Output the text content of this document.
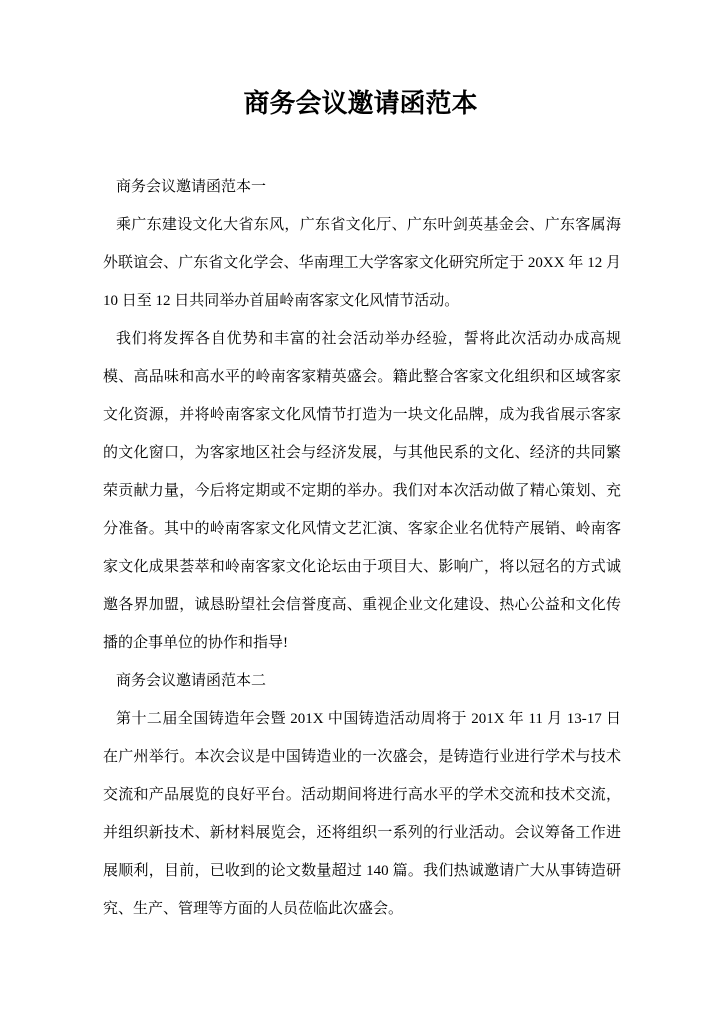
商务会议邀请函范本

商务会议邀请函范本一

乘广东建设文化大省东风，广东省文化厅、广东叶剑英基金会、广东客属海外联谊会、广东省文化学会、华南理工大学客家文化研究所定于 20XX 年 12 月 10 日至 12 日共同举办首届岭南客家文化风情节活动。

我们将发挥各自优势和丰富的社会活动举办经验，誓将此次活动办成高规模、高品味和高水平的岭南客家精英盛会。籍此整合客家文化组织和区域客家文化资源，并将岭南客家文化风情节打造为一块文化品牌，成为我省展示客家的文化窗口，为客家地区社会与经济发展，与其他民系的文化、经济的共同繁荣贡献力量，今后将定期或不定期的举办。我们对本次活动做了精心策划、充分准备。其中的岭南客家文化风情文艺汇演、客家企业名优特产展销、岭南客家文化成果荟萃和岭南客家文化论坛由于项目大、影响广，将以冠名的方式诚邀各界加盟，诚恳盼望社会信誉度高、重视企业文化建设、热心公益和文化传播的企事单位的协作和指导!

商务会议邀请函范本二

第十二届全国铸造年会暨 201X 中国铸造活动周将于 201X 年 11 月 13-17 日在广州举行。本次会议是中国铸造业的一次盛会，是铸造行业进行学术与技术交流和产品展览的良好平台。活动期间将进行高水平的学术交流和技术交流，并组织新技术、新材料展览会，还将组织一系列的行业活动。会议筹备工作进展顺利，目前，已收到的论文数量超过 140 篇。我们热诚邀请广大从事铸造研究、生产、管理等方面的人员莅临此次盛会。
